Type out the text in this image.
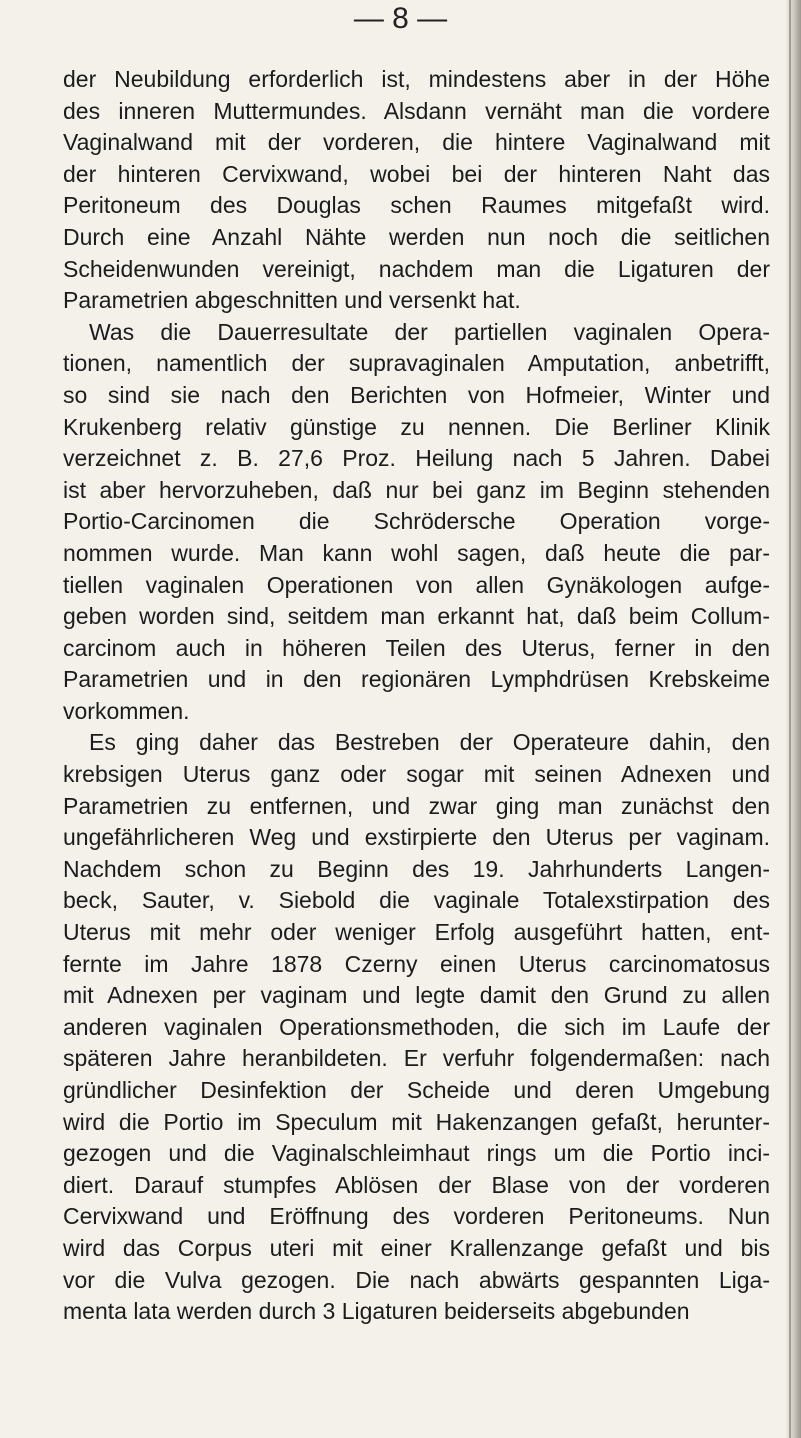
— 8 —
der Neubildung erforderlich ist, mindestens aber in der Höhe
des inneren Muttermundes. Alsdann vernäht man die vordere
Vaginalwand mit der vorderen, die hintere Vaginalwand mit
der hinteren Cervixwand, wobei bei der hinteren Naht das
Peritoneum des Douglas schen Raumes mitgefaßt wird.
Durch eine Anzahl Nähte werden nun noch die seitlichen
Scheidenwunden vereinigt, nachdem man die Ligaturen der
Parametrien abgeschnitten und versenkt hat.
Was die Dauerresultate der partiellen vaginalen Opera-
tionen, namentlich der supravaginalen Amputation, anbetrifft,
so sind sie nach den Berichten von Hofmeier, Winter und
Krukenberg relativ günstige zu nennen. Die Berliner Klinik
verzeichnet z. B. 27,6 Proz. Heilung nach 5 Jahren. Dabei
ist aber hervorzuheben, daß nur bei ganz im Beginn stehenden
Portio-Carcinomen die Schrödersche Operation vorge-
nommen wurde. Man kann wohl sagen, daß heute die par-
tiellen vaginalen Operationen von allen Gynäkologen aufge-
geben worden sind, seitdem man erkannt hat, daß beim Collum-
carcinom auch in höheren Teilen des Uterus, ferner in den
Parametrien und in den regionären Lymphdrüsen Krebskeime
vorkommen.
Es ging daher das Bestreben der Operateure dahin, den
krebsigen Uterus ganz oder sogar mit seinen Adnexen und
Parametrien zu entfernen, und zwar ging man zunächst den
ungefährlicheren Weg und exstirpierte den Uterus per vaginam.
Nachdem schon zu Beginn des 19. Jahrhunderts Langen-
beck, Sauter, v. Siebold die vaginale Totalexstirpation des
Uterus mit mehr oder weniger Erfolg ausgeführt hatten, ent-
fernte im Jahre 1878 Czerny einen Uterus carcinomatosus
mit Adnexen per vaginam und legte damit den Grund zu allen
anderen vaginalen Operationsmethoden, die sich im Laufe der
späteren Jahre heranbildeten. Er verfuhr folgendermaßen: nach
gründlicher Desinfektion der Scheide und deren Umgebung
wird die Portio im Speculum mit Hakenzangen gefaßt, herunter-
gezogen und die Vaginalschleimhaut rings um die Portio inci-
diert. Darauf stumpfes Ablösen der Blase von der vorderen
Cervixwand und Eröffnung des vorderen Peritoneums. Nun
wird das Corpus uteri mit einer Krallenzange gefaßt und bis
vor die Vulva gezogen. Die nach abwärts gespannten Liga-
menta lata werden durch 3 Ligaturen beiderseits abgebunden
